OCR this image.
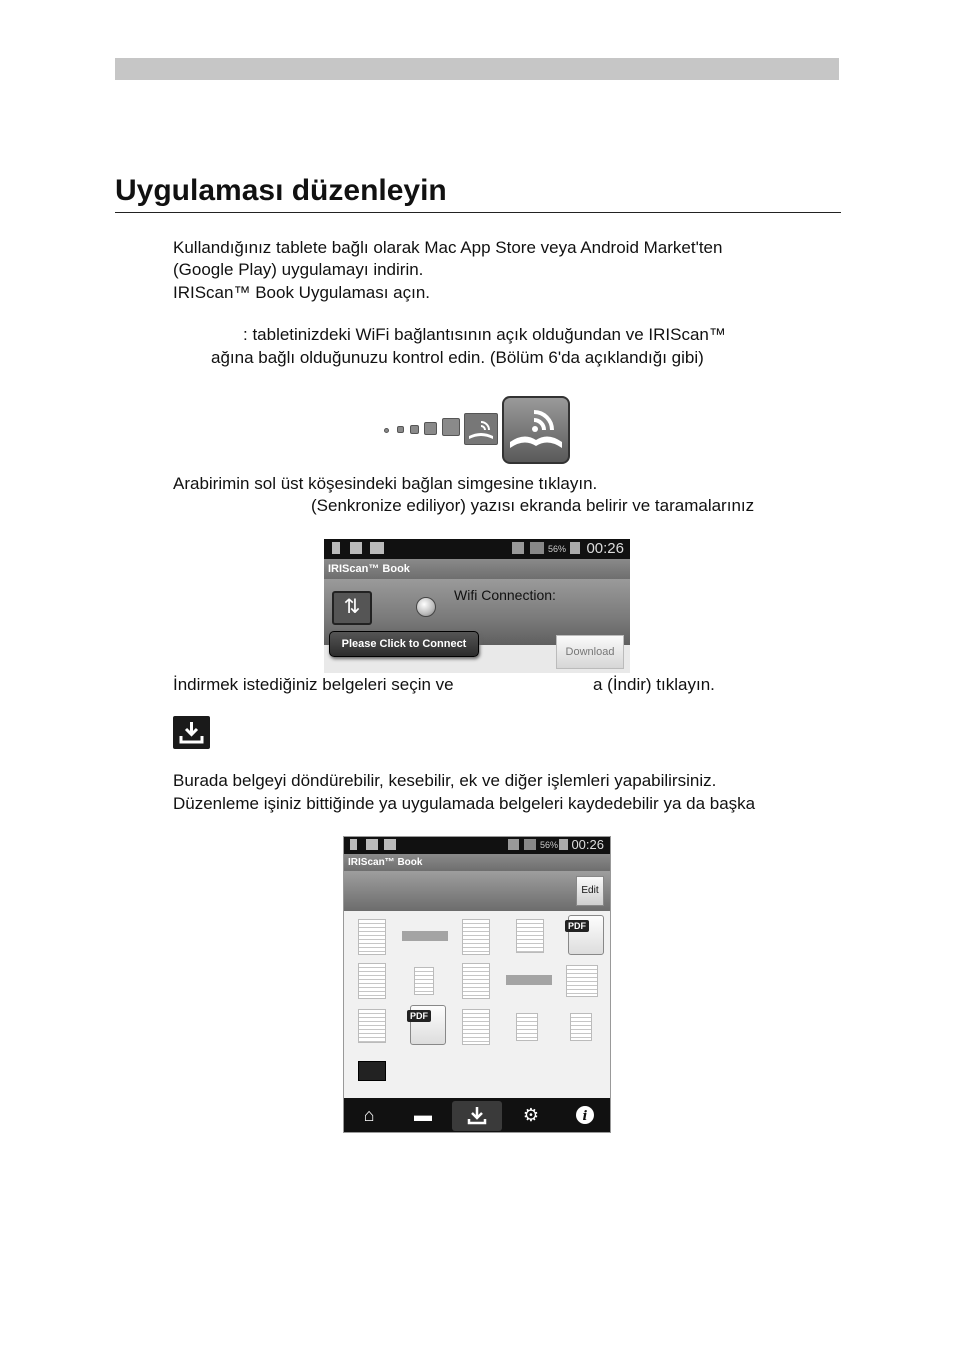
Uygulaması düzenleyin
Kullandığınız tablete bağlı olarak Mac App Store veya Android Market'ten
(Google Play) uygulamayı indirin.
IRIScan™ Book Uygulaması açın.
: tabletinizdeki WiFi bağlantısının açık olduğundan ve IRIScan™
ağına bağlı olduğunuzu kontrol edin. (Bölüm 6'da açıklandığı gibi)
Arabirimin sol üst köşesindeki bağlan simgesine tıklayın.
(Senkronize ediliyor) yazısı ekranda belirir ve taramalarınız
56% 00:26
IRIScan™ Book
⇅
Wifi Connection:
Please Click to Connect
Download
İndirmek istediğiniz belgeleri seçin ve	a (İndir) tıklayın.
Burada belgeyi döndürebilir, kesebilir, ek ve diğer işlemleri yapabilirsiniz.
Düzenleme işiniz bittiğinde ya uygulamada belgeleri kaydedebilir ya da başka
56% 00:26
IRIScan™ Book
Edit
PDF
PDF
⌂	▬	⚙	i
